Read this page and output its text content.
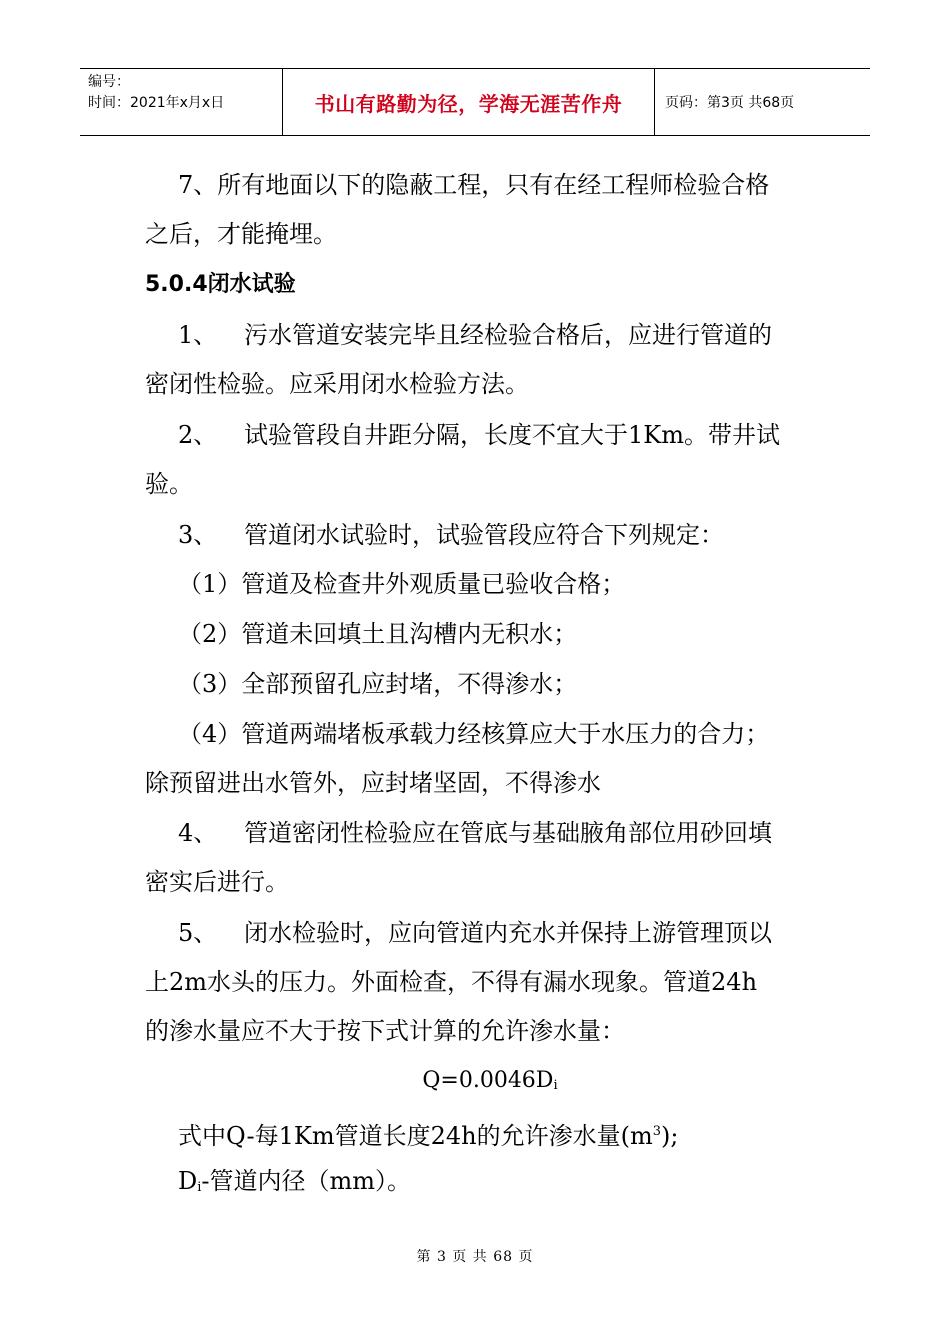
编号：
时间：2021年x月x日	书山有路勤为径，学海无涯苦作舟	页码：第3页 共68页
7、所有地面以下的隐蔽工程，只有在经工程师检验合格
之后，才能掩埋。
5.0.4闭水试验
1、 污水管道安装完毕且经检验合格后，应进行管道的
密闭性检验。应采用闭水检验方法。
2、 试验管段自井距分隔，长度不宜大于1Km。带井试
验。
3、 管道闭水试验时，试验管段应符合下列规定：
（1）管道及检查井外观质量已验收合格；
（2）管道未回填土且沟槽内无积水；
（3）全部预留孔应封堵，不得渗水；
（4）管道两端堵板承载力经核算应大于水压力的合力；
除预留进出水管外，应封堵坚固，不得渗水
4、 管道密闭性检验应在管底与基础腋角部位用砂回填
密实后进行。
5、 闭水检验时，应向管道内充水并保持上游管理顶以
上2m水头的压力。外面检查，不得有漏水现象。管道24h
的渗水量应不大于按下式计算的允许渗水量：
$Q=0.0046D_i$
式中Q-每1Km管道长度24h的允许渗水量$(m^3)$;
$D_i-$管道内径（mm）。
第 3 页 共 68 页
